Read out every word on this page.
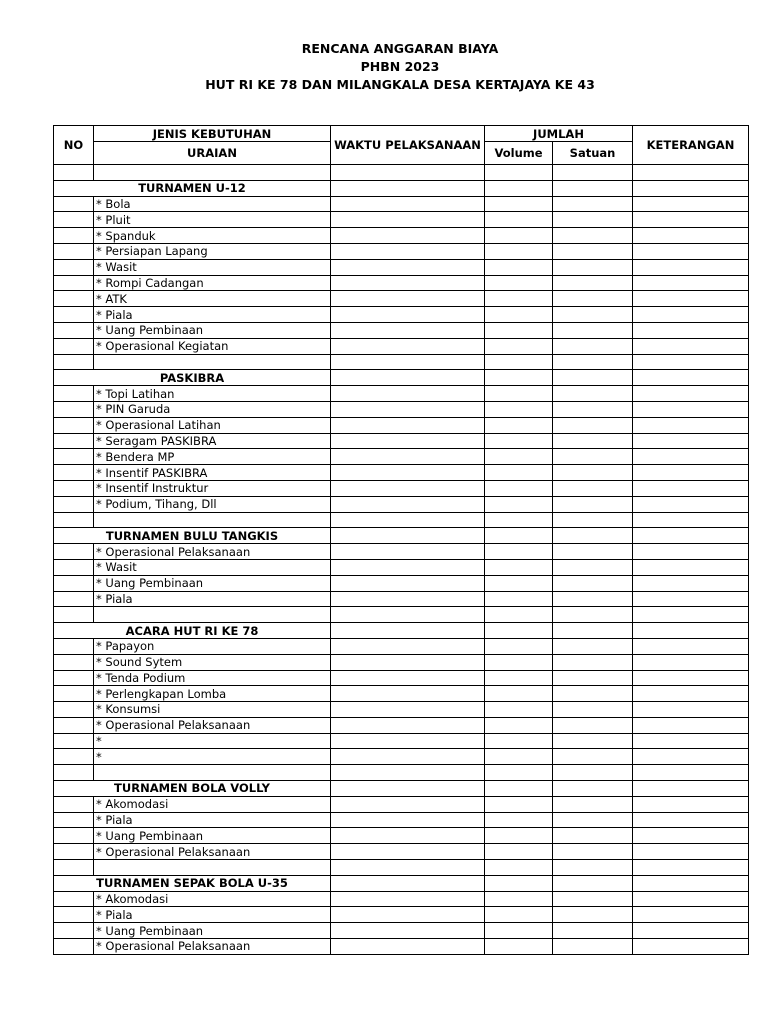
RENCANA ANGGARAN BIAYA
PHBN 2023
HUT RI KE 78 DAN MILANGKALA DESA KERTAJAYA KE 43
NO	JENIS KEBUTUHAN	WAKTU PELAKSANAAN	JUMLAH		KETERANGAN
	URAIAN		Volume	Satuan	

TURNAMEN U-12					
	* Bola				
	* Pluit				
	* Spanduk				
	* Persiapan Lapang				
	* Wasit				
	* Rompi Cadangan				
	* ATK				
	* Piala				
	* Uang Pembinaan				
	* Operasional Kegiatan				

PASKIBRA					
	* Topi Latihan				
	* PIN Garuda				
	* Operasional Latihan				
	* Seragam PASKIBRA				
	* Bendera MP				
	* Insentif PASKIBRA				
	* Insentif Instruktur				
	* Podium, Tihang, Dll				

TURNAMEN BULU TANGKIS					
	* Operasional Pelaksanaan				
	* Wasit				
	* Uang Pembinaan				
	* Piala				

ACARA HUT RI KE 78					
	* Papayon				
	* Sound Sytem				
	* Tenda Podium				
	* Perlengkapan Lomba				
	* Konsumsi				
	* Operasional Pelaksanaan				
	*				
	*				

TURNAMEN BOLA VOLLY					
	* Akomodasi				
	* Piala				
	* Uang Pembinaan				
	* Operasional Pelaksanaan				

TURNAMEN SEPAK BOLA U-35					
	* Akomodasi				
	* Piala				
	* Uang Pembinaan				
	* Operasional Pelaksanaan				
